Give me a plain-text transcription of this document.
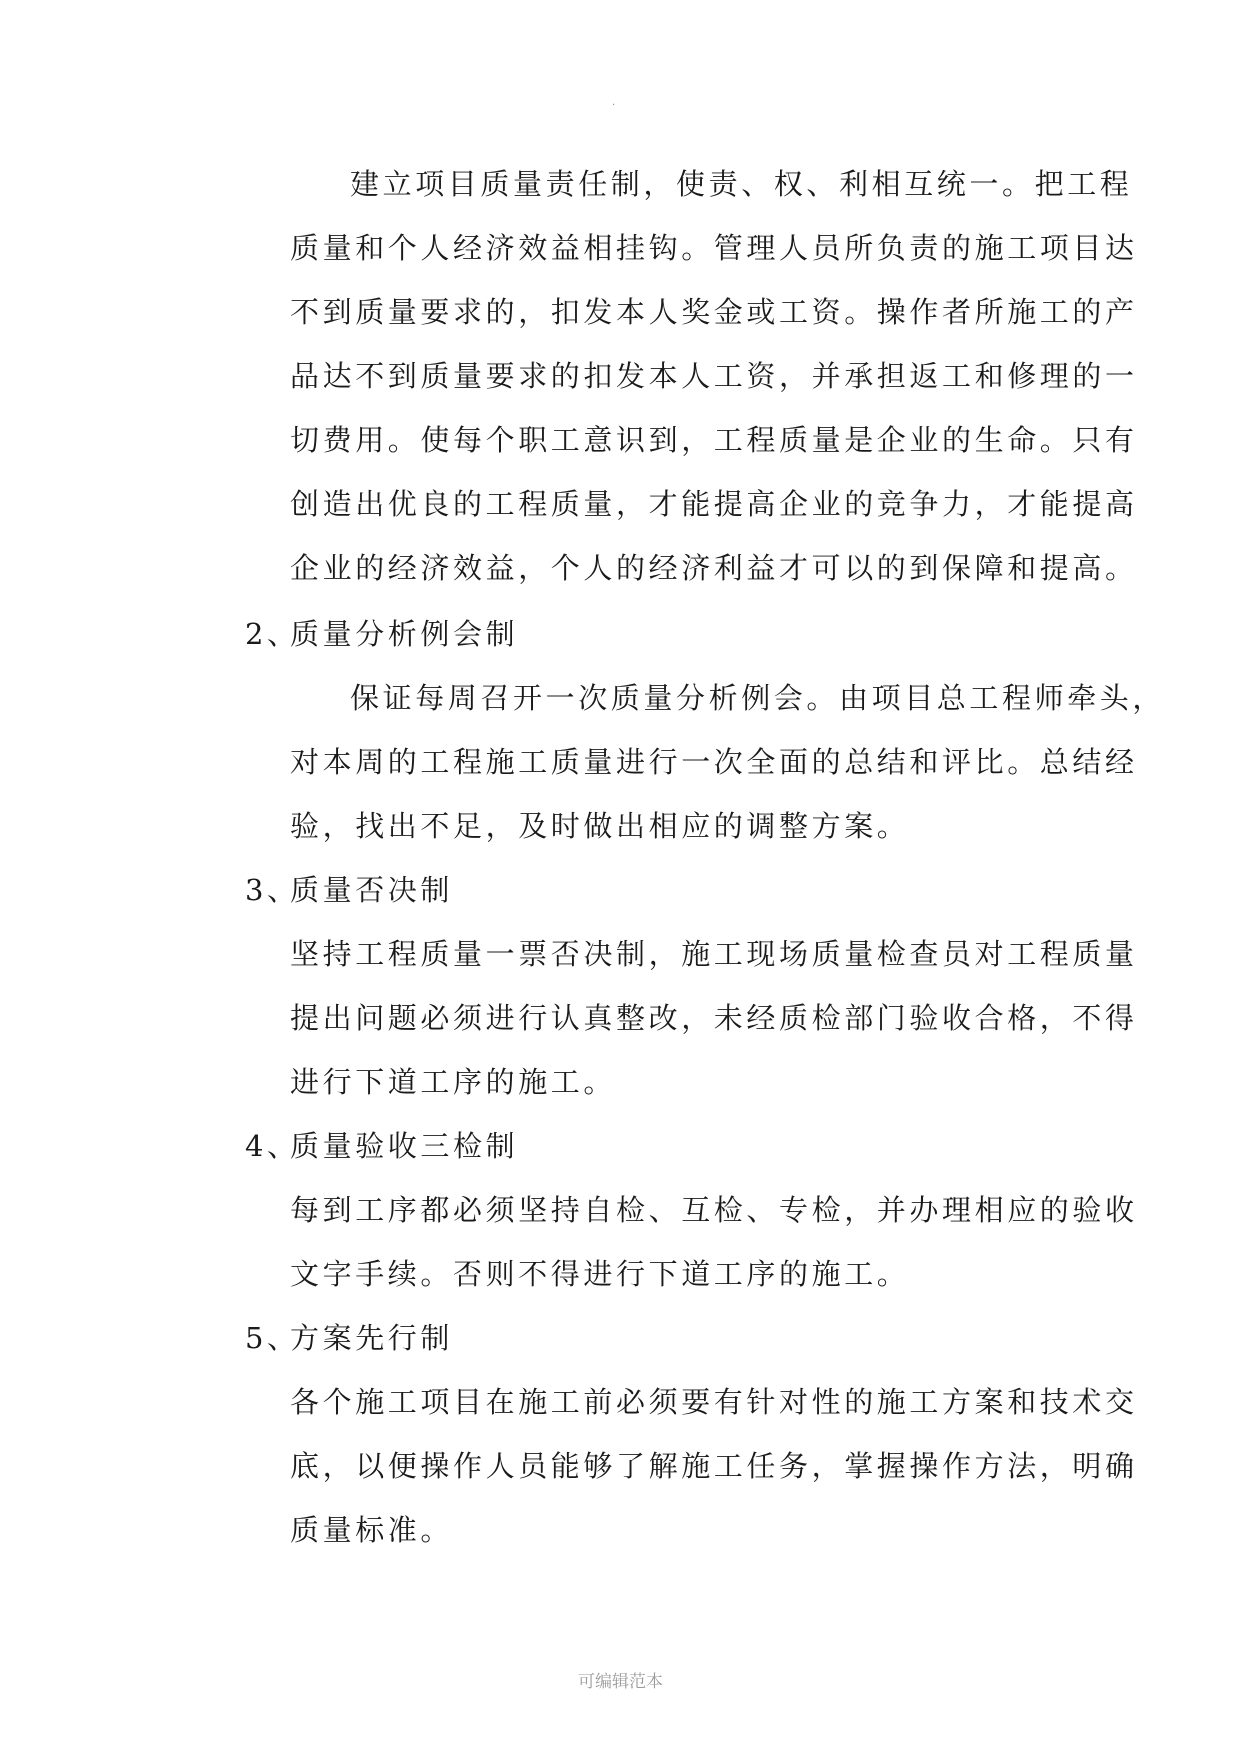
.
建立项目质量责任制，使责、权、利相互统一。把工程
质量和个人经济效益相挂钩。管理人员所负责的施工项目达
不到质量要求的，扣发本人奖金或工资。操作者所施工的产
品达不到质量要求的扣发本人工资，并承担返工和修理的一
切费用。使每个职工意识到，工程质量是企业的生命。只有
创造出优良的工程质量，才能提高企业的竞争力，才能提高
企业的经济效益，个人的经济利益才可以的到保障和提高。
2、质量分析例会制
保证每周召开一次质量分析例会。由项目总工程师牵头，
对本周的工程施工质量进行一次全面的总结和评比。总结经
验，找出不足，及时做出相应的调整方案。
3、质量否决制
坚持工程质量一票否决制，施工现场质量检查员对工程质量
提出问题必须进行认真整改，未经质检部门验收合格，不得
进行下道工序的施工。
4、质量验收三检制
每到工序都必须坚持自检、互检、专检，并办理相应的验收
文字手续。否则不得进行下道工序的施工。
5、方案先行制
各个施工项目在施工前必须要有针对性的施工方案和技术交
底，以便操作人员能够了解施工任务，掌握操作方法，明确
质量标准。
可编辑范本
